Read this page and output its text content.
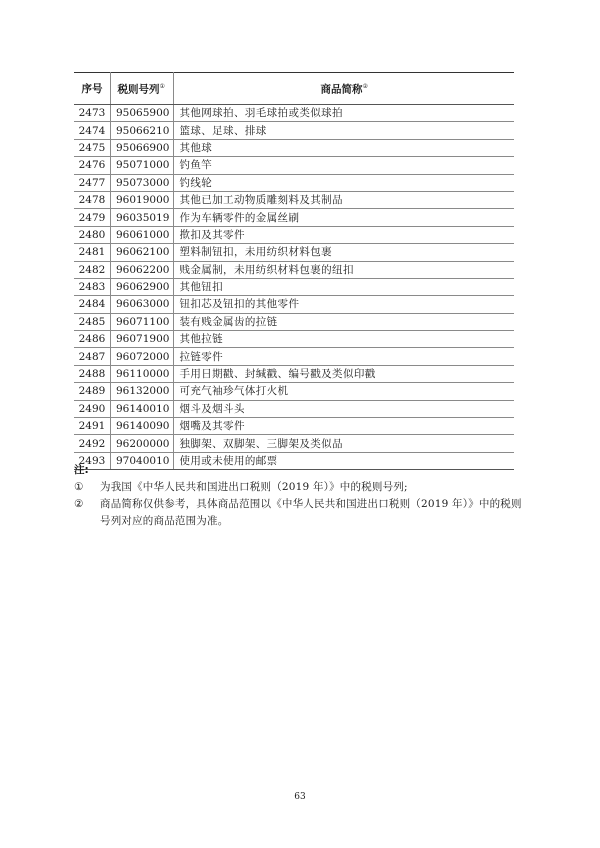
序号	税则号列①	商品简称②
2473	95065900	其他网球拍、羽毛球拍或类似球拍
2474	95066210	篮球、足球、排球
2475	95066900	其他球
2476	95071000	钓鱼竿
2477	95073000	钓线轮
2478	96019000	其他已加工动物质雕刻料及其制品
2479	96035019	作为车辆零件的金属丝刷
2480	96061000	揿扣及其零件
2481	96062100	塑料制钮扣，未用纺织材料包裹
2482	96062200	贱金属制，未用纺织材料包裹的纽扣
2483	96062900	其他钮扣
2484	96063000	钮扣芯及钮扣的其他零件
2485	96071100	装有贱金属齿的拉链
2486	96071900	其他拉链
2487	96072000	拉链零件
2488	96110000	手用日期戳、封缄戳、编号戳及类似印戳
2489	96132000	可充气袖珍气体打火机
2490	96140010	烟斗及烟斗头
2491	96140090	烟嘴及其零件
2492	96200000	独脚架、双脚架、三脚架及类似品
2493	97040010	使用或未使用的邮票
注:
①	为我国《中华人民共和国进出口税则（2019 年）》中的税则号列;
②	商品简称仅供参考，具体商品范围以《中华人民共和国进出口税则（2019 年）》中的税则号列对应的商品范围为准。
63
